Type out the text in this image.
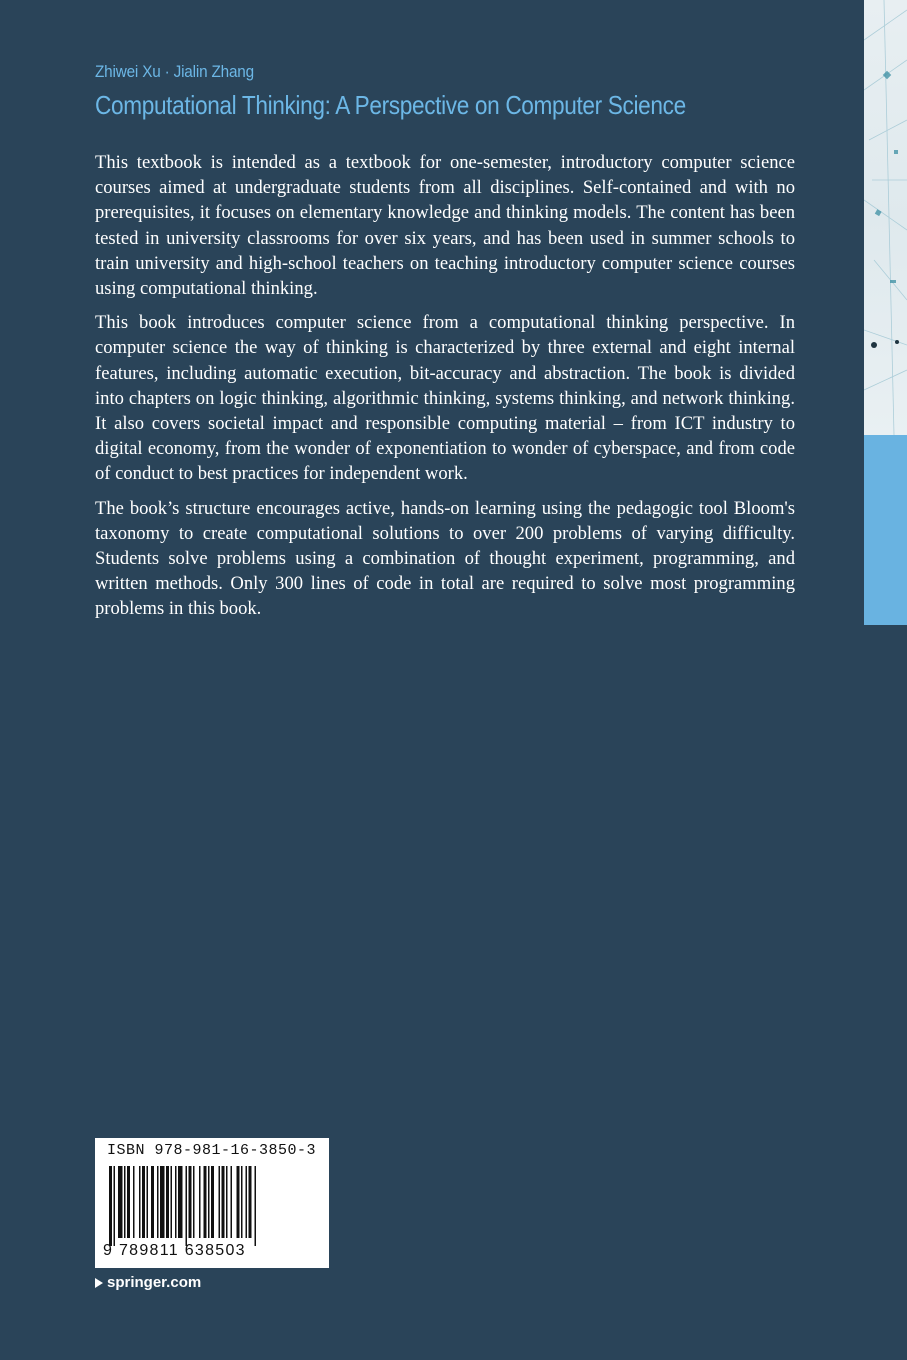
Zhiwei Xu · Jialin Zhang
Computational Thinking: A Perspective on Computer Science

This textbook is intended as a textbook for one-semester, introductory computer science courses aimed at undergraduate students from all disciplines. Self-contained and with no prerequisites, it focuses on elementary knowledge and thinking models. The content has been tested in university classrooms for over six years, and has been used in summer schools to train university and high-school teachers on teaching introductory computer science courses using computational thinking.

This book introduces computer science from a computational thinking perspective. In computer science the way of thinking is characterized by three external and eight internal features, including automatic execution, bit-accuracy and abstraction. The book is divided into chapters on logic thinking, algorithmic thinking, systems thinking, and network thinking. It also covers societal impact and responsible computing material – from ICT industry to digital economy, from the wonder of exponentiation to wonder of cyberspace, and from code of conduct to best practices for independent work.

The book’s structure encourages active, hands-on learning using the pedagogic tool Bloom's taxonomy to create computational solutions to over 200 problems of varying difficulty. Students solve problems using a combination of thought experiment, programming, and written methods. Only 300 lines of code in total are required to solve most programming problems in this book.

ISBN 978-981-16-3850-3
9 789811 638503
springer.com
